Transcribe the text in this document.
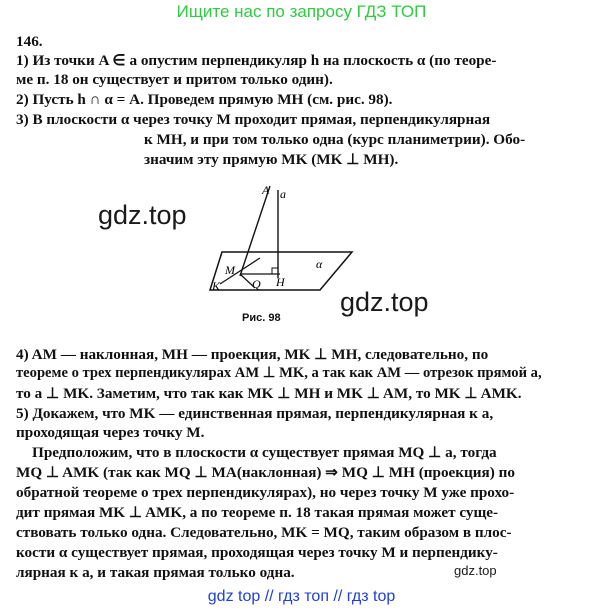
Ищите нас по запросу ГДЗ ТОП
146.
1) Из точки A ∈ a опустим перпендикуляр h на плоскость α (по теоре-
ме п. 18 он существует и притом только один).
2) Пусть h ∩ α = A. Проведем прямую MH (см. рис. 98).
3) В плоскости α через точку M проходит прямая, перпендикулярная
к MH, и при том только одна (курс планиметрии). Обо-
значим эту прямую MK (MK ⊥ MH).
gdz.top
A a
M
K	Q H
α
Рис. 98
gdz.top
4) AM — наклонная, MH — проекция, MK ⊥ MH, следовательно, по
теореме о трех перпендикулярах AM ⊥ MK, а так как AM — отрезок прямой a,
то a ⊥ MK. Заметим, что так как MK ⊥ MH и MK ⊥ AM, то MK ⊥ AMK.
5) Докажем, что MK — единственная прямая, перпендикулярная к a,
проходящая через точку M.
Предположим, что в плоскости α существует прямая MQ ⊥ a, тогда
MQ ⊥ AMK (так как MQ ⊥ MA(наклонная) ⇒ MQ ⊥ MH (проекция) по
обратной теореме о трех перпендикулярах), но через точку M уже прохо-
дит прямая MK ⊥ AMK, а по теореме п. 18 такая прямая может суще-
ствовать только одна. Следовательно, MK = MQ, таким образом в плос-
кости α существует прямая, проходящая через точку M и перпендику-
лярная к a, и такая прямая только одна.	gdz.top
gdz top // гдз топ // гдз top
